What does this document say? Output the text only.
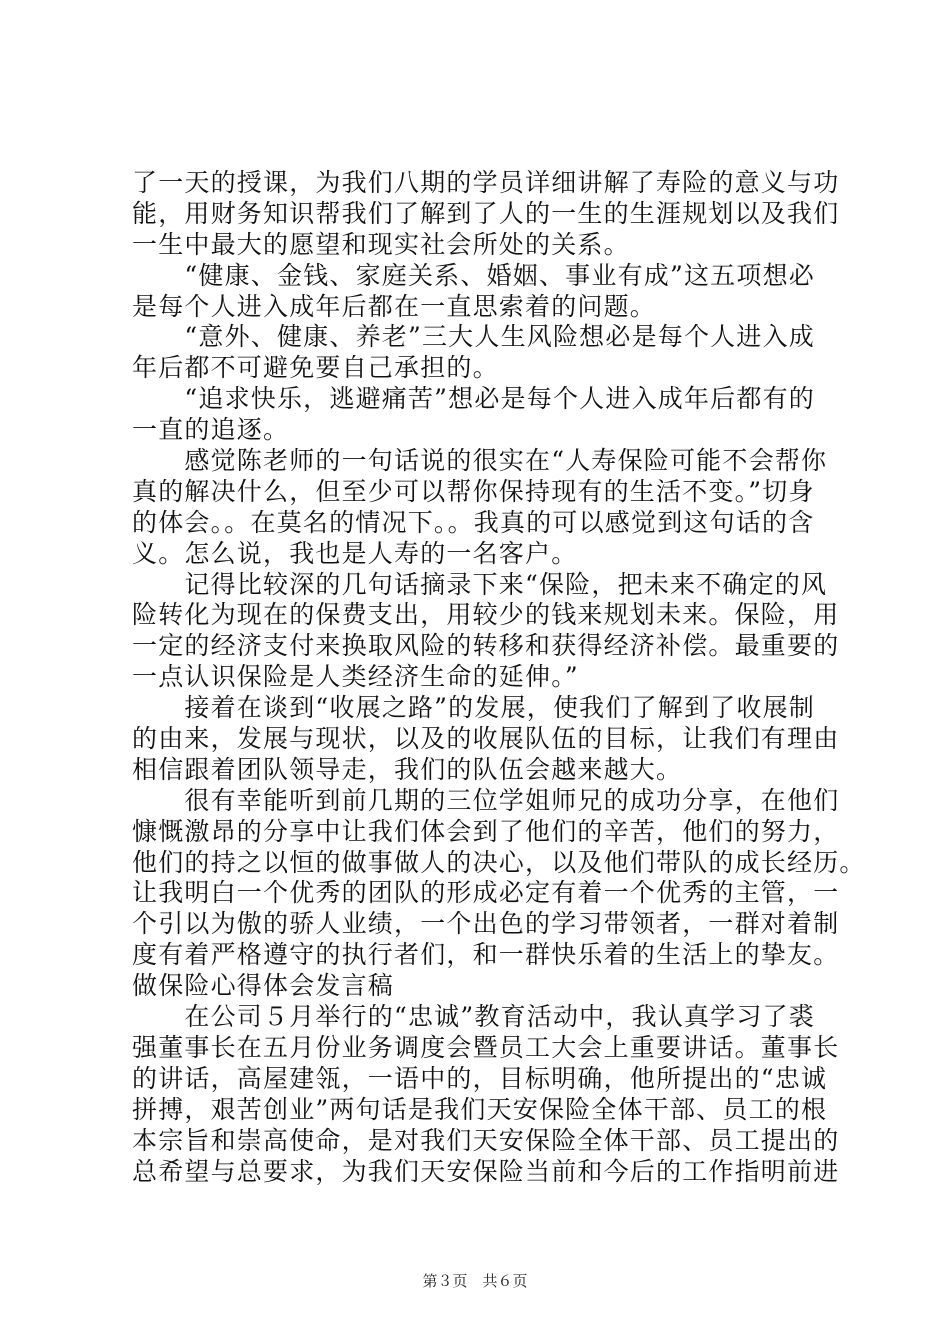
了一天的授课，为我们八期的学员详细讲解了寿险的意义与功
能，用财务知识帮我们了解到了人的一生的生涯规划以及我们
一生中最大的愿望和现实社会所处的关系。
　　“健康、金钱、家庭关系、婚姻、事业有成”这五项想必
是每个人进入成年后都在一直思索着的问题。
　　“意外、健康、养老”三大人生风险想必是每个人进入成
年后都不可避免要自己承担的。
　　“追求快乐，逃避痛苦”想必是每个人进入成年后都有的
一直的追逐。
　　感觉陈老师的一句话说的很实在“人寿保险可能不会帮你
真的解决什么，但至少可以帮你保持现有的生活不变。”切身
的体会。。在莫名的情况下。。我真的可以感觉到这句话的含
义。怎么说，我也是人寿的一名客户。
　　记得比较深的几句话摘录下来“保险，把未来不确定的风
险转化为现在的保费支出，用较少的钱来规划未来。保险，用
一定的经济支付来换取风险的转移和获得经济补偿。最重要的
一点认识保险是人类经济生命的延伸。”
　　接着在谈到“收展之路”的发展，使我们了解到了收展制
的由来，发展与现状，以及的收展队伍的目标，让我们有理由
相信跟着团队领导走，我们的队伍会越来越大。
　　很有幸能听到前几期的三位学姐师兄的成功分享，在他们
慷慨激昂的分享中让我们体会到了他们的辛苦，他们的努力，
他们的持之以恒的做事做人的决心，以及他们带队的成长经历。
让我明白一个优秀的团队的形成必定有着一个优秀的主管，一
个引以为傲的骄人业绩，一个出色的学习带领者，一群对着制
度有着严格遵守的执行者们，和一群快乐着的生活上的挚友。
做保险心得体会发言稿
　　在公司５月举行的“忠诚”教育活动中，我认真学习了裘
强董事长在五月份业务调度会暨员工大会上重要讲话。董事长
的讲话，高屋建瓴，一语中的，目标明确，他所提出的“忠诚
拼搏，艰苦创业”两句话是我们天安保险全体干部、员工的根
本宗旨和崇高使命，是对我们天安保险全体干部、员工提出的
总希望与总要求，为我们天安保险当前和今后的工作指明前进
第３页　共６页
